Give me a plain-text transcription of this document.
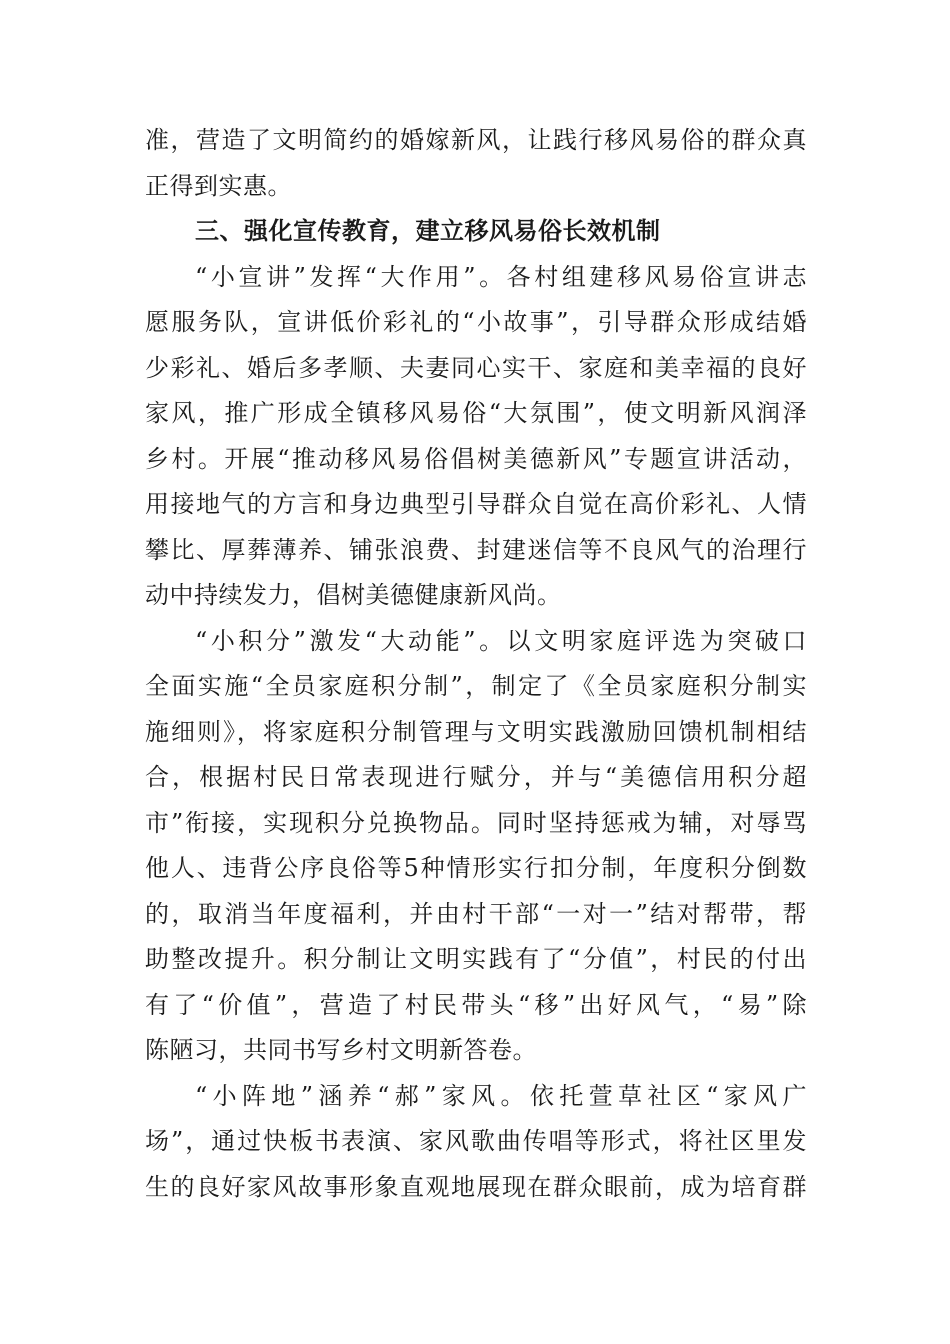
准，营造了文明简约的婚嫁新风，让践行移风易俗的群众真
正得到实惠。
三、强化宣传教育，建立移风易俗长效机制
“小宣讲”发挥“大作用”。各村组建移风易俗宣讲志
愿服务队，宣讲低价彩礼的“小故事”，引导群众形成结婚
少彩礼、婚后多孝顺、夫妻同心实干、家庭和美幸福的良好
家风，推广形成全镇移风易俗“大氛围”，使文明新风润泽
乡村。开展“推动移风易俗倡树美德新风”专题宣讲活动，
用接地气的方言和身边典型引导群众自觉在高价彩礼、人情
攀比、厚葬薄养、铺张浪费、封建迷信等不良风气的治理行
动中持续发力，倡树美德健康新风尚。
“小积分”激发“大动能”。以文明家庭评选为突破口
全面实施“全员家庭积分制”，制定了《全员家庭积分制实
施细则》，将家庭积分制管理与文明实践激励回馈机制相结
合，根据村民日常表现进行赋分，并与“美德信用积分超
市”衔接，实现积分兑换物品。同时坚持惩戒为辅，对辱骂
他人、违背公序良俗等5种情形实行扣分制，年度积分倒数
的，取消当年度福利，并由村干部“一对一”结对帮带，帮
助整改提升。积分制让文明实践有了“分值”，村民的付出
有了“价值”，营造了村民带头“移”出好风气，“易”除
陈陋习，共同书写乡村文明新答卷。
“小阵地”涵养“郝”家风。依托萱草社区“家风广
场”，通过快板书表演、家风歌曲传唱等形式，将社区里发
生的良好家风故事形象直观地展现在群众眼前，成为培育群
